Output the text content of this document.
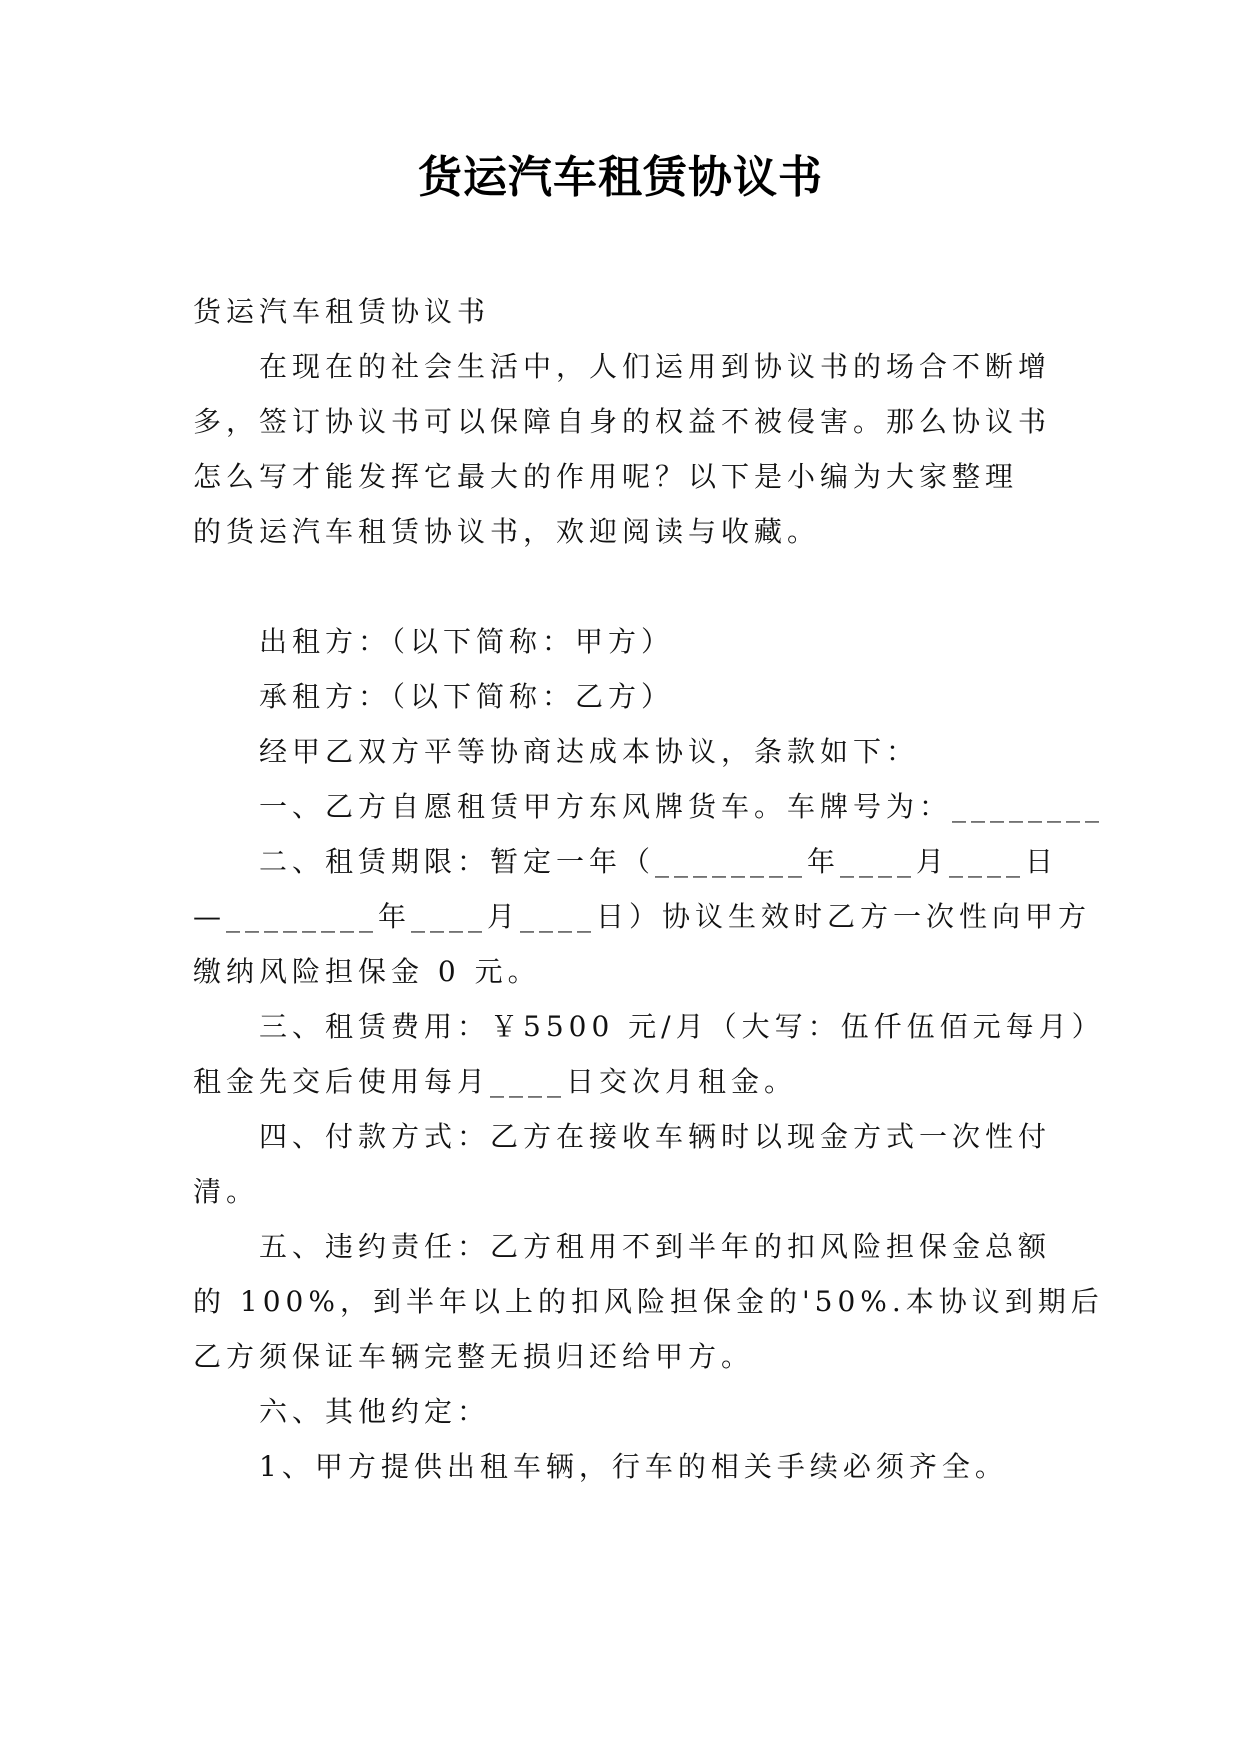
货运汽车租赁协议书
货运汽车租赁协议书
在现在的社会生活中，人们运用到协议书的场合不断增
多，签订协议书可以保障自身的权益不被侵害。那么协议书
怎么写才能发挥它最大的作用呢？以下是小编为大家整理
的货运汽车租赁协议书，欢迎阅读与收藏。
出租方：（以下简称：甲方）
承租方：（以下简称：乙方）
经甲乙双方平等协商达成本协议，条款如下：
一、乙方自愿租赁甲方东风牌货车。车牌号为：________
二、租赁期限：暂定一年（________年____月____日
—________年____月____日）协议生效时乙方一次性向甲方
缴纳风险担保金 0 元。
三、租赁费用：￥5500 元/月（大写：伍仟伍佰元每月）
租金先交后使用每月____日交次月租金。
四、付款方式：乙方在接收车辆时以现金方式一次性付
清。
五、违约责任：乙方租用不到半年的扣风险担保金总额
的 100%，到半年以上的扣风险担保金的'50%.本协议到期后
乙方须保证车辆完整无损归还给甲方。
六、其他约定：
1、甲方提供出租车辆，行车的相关手续必须齐全。
